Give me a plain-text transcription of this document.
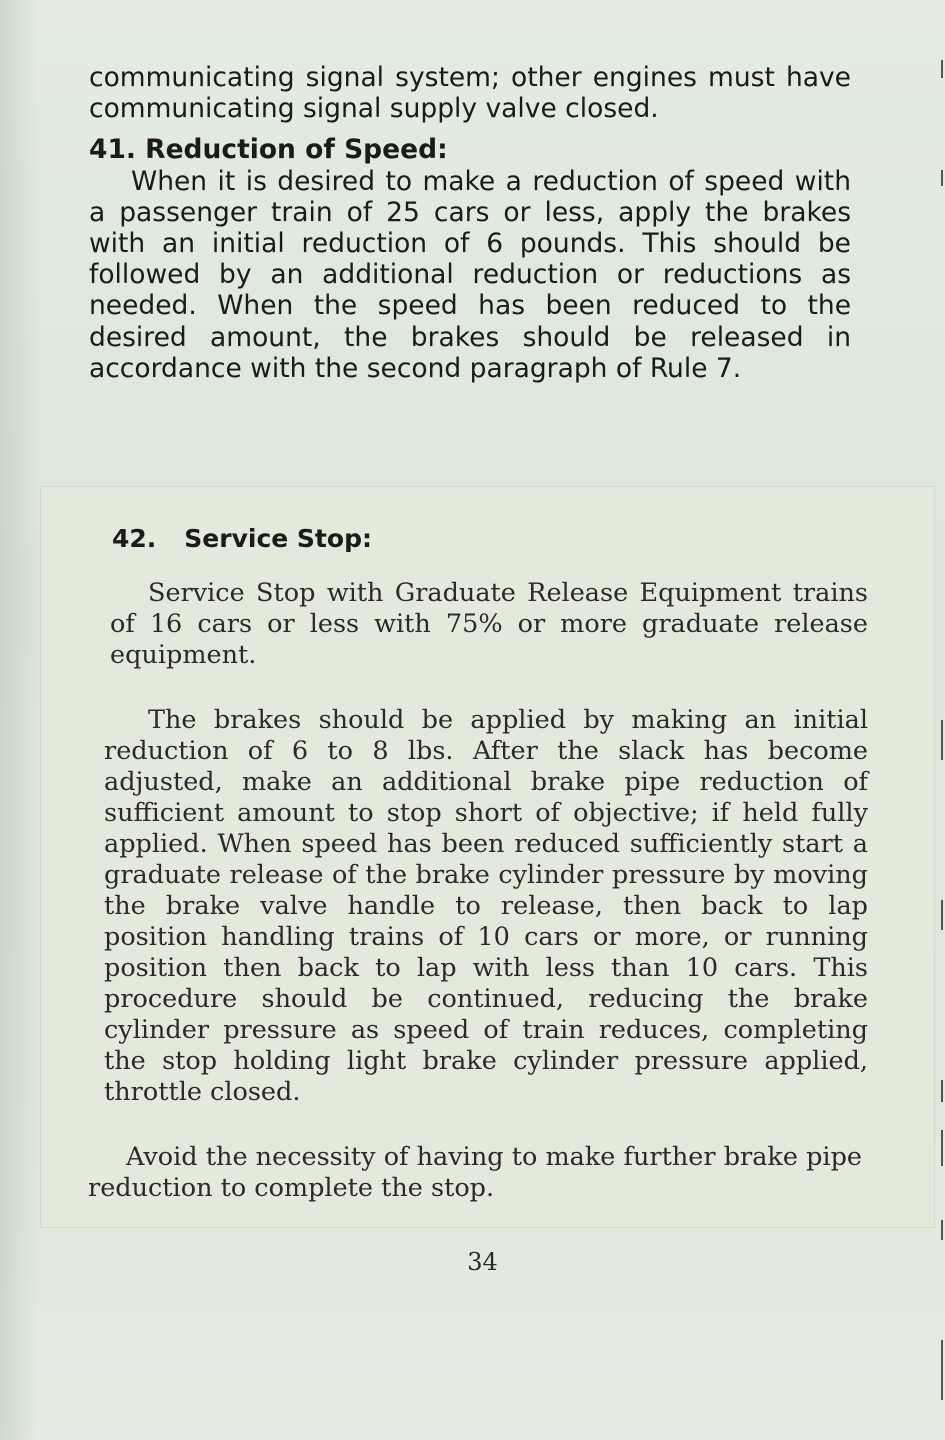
communicating signal system; other engines must have communicating signal supply valve closed.

41. Reduction of Speed:

When it is desired to make a reduction of speed with a passenger train of 25 cars or less, apply the brakes with an initial reduction of 6 pounds. This should be followed by an additional reduction or reductions as needed. When the speed has been reduced to the desired amount, the brakes should be released in accordance with the second paragraph of Rule 7.

42. Service Stop:

Service Stop with Graduate Release Equipment trains of 16 cars or less with 75% or more graduate release equipment.

The brakes should be applied by making an initial reduction of 6 to 8 lbs. After the slack has become adjusted, make an additional brake pipe reduction of sufficient amount to stop short of objective; if held fully applied. When speed has been reduced sufficiently start a graduate release of the brake cylinder pressure by moving the brake valve handle to release, then back to lap position handling trains of 10 cars or more, or running position then back to lap with less than 10 cars. This procedure should be continued, reducing the brake cylinder pressure as speed of train reduces, completing the stop holding light brake cylinder pressure applied, throttle closed.

Avoid the necessity of having to make further brake pipe reduction to complete the stop.

34
